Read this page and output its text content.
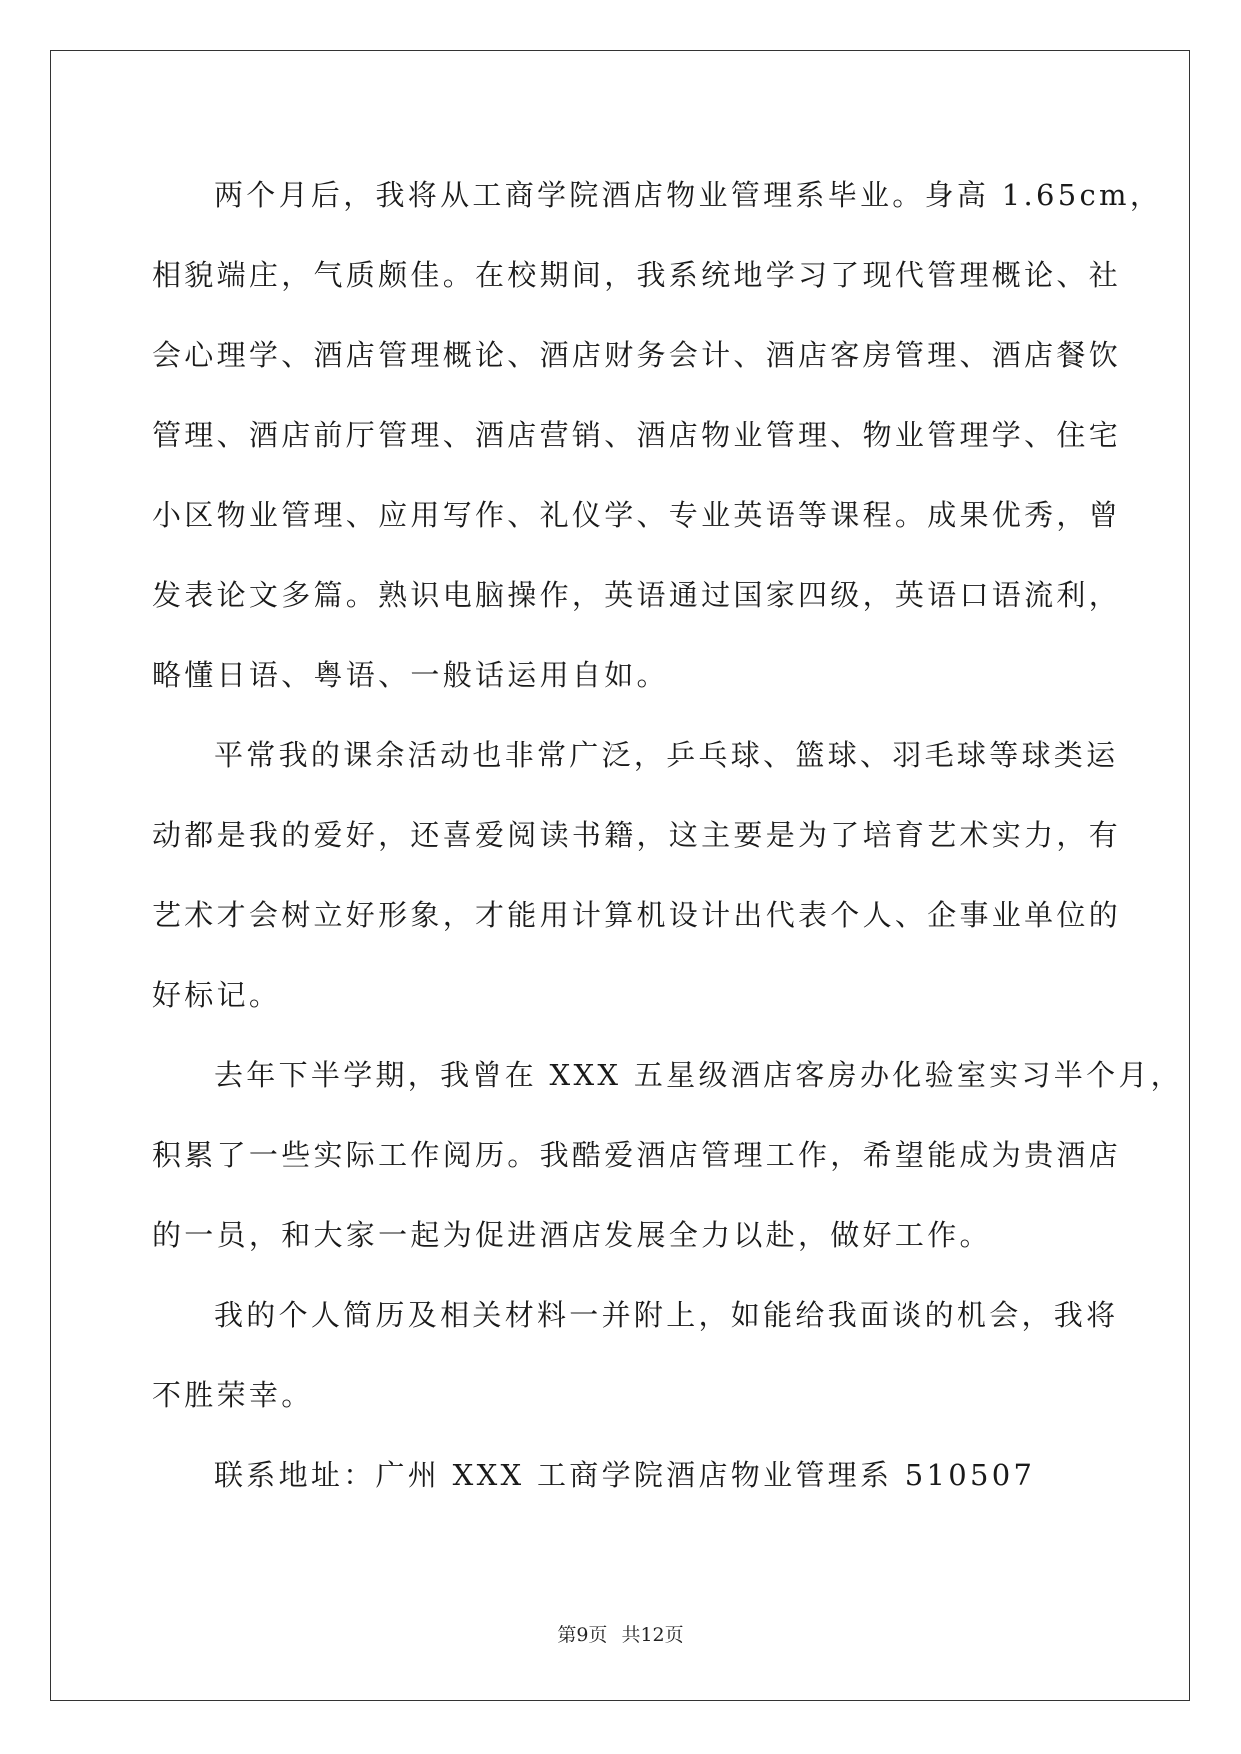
两个月后，我将从工商学院酒店物业管理系毕业。身高 1.65cm，
相貌端庄，气质颇佳。在校期间，我系统地学习了现代管理概论、社
会心理学、酒店管理概论、酒店财务会计、酒店客房管理、酒店餐饮
管理、酒店前厅管理、酒店营销、酒店物业管理、物业管理学、住宅
小区物业管理、应用写作、礼仪学、专业英语等课程。成果优秀，曾
发表论文多篇。熟识电脑操作，英语通过国家四级，英语口语流利，
略懂日语、粤语、一般话运用自如。
平常我的课余活动也非常广泛，乒乓球、篮球、羽毛球等球类运
动都是我的爱好，还喜爱阅读书籍，这主要是为了培育艺术实力，有
艺术才会树立好形象，才能用计算机设计出代表个人、企事业单位的
好标记。
去年下半学期，我曾在 XXX 五星级酒店客房办化验室实习半个月，
积累了一些实际工作阅历。我酷爱酒店管理工作，希望能成为贵酒店
的一员，和大家一起为促进酒店发展全力以赴，做好工作。
我的个人简历及相关材料一并附上，如能给我面谈的机会，我将
不胜荣幸。
联系地址：广州 XXX 工商学院酒店物业管理系 510507
第9页 共12页
